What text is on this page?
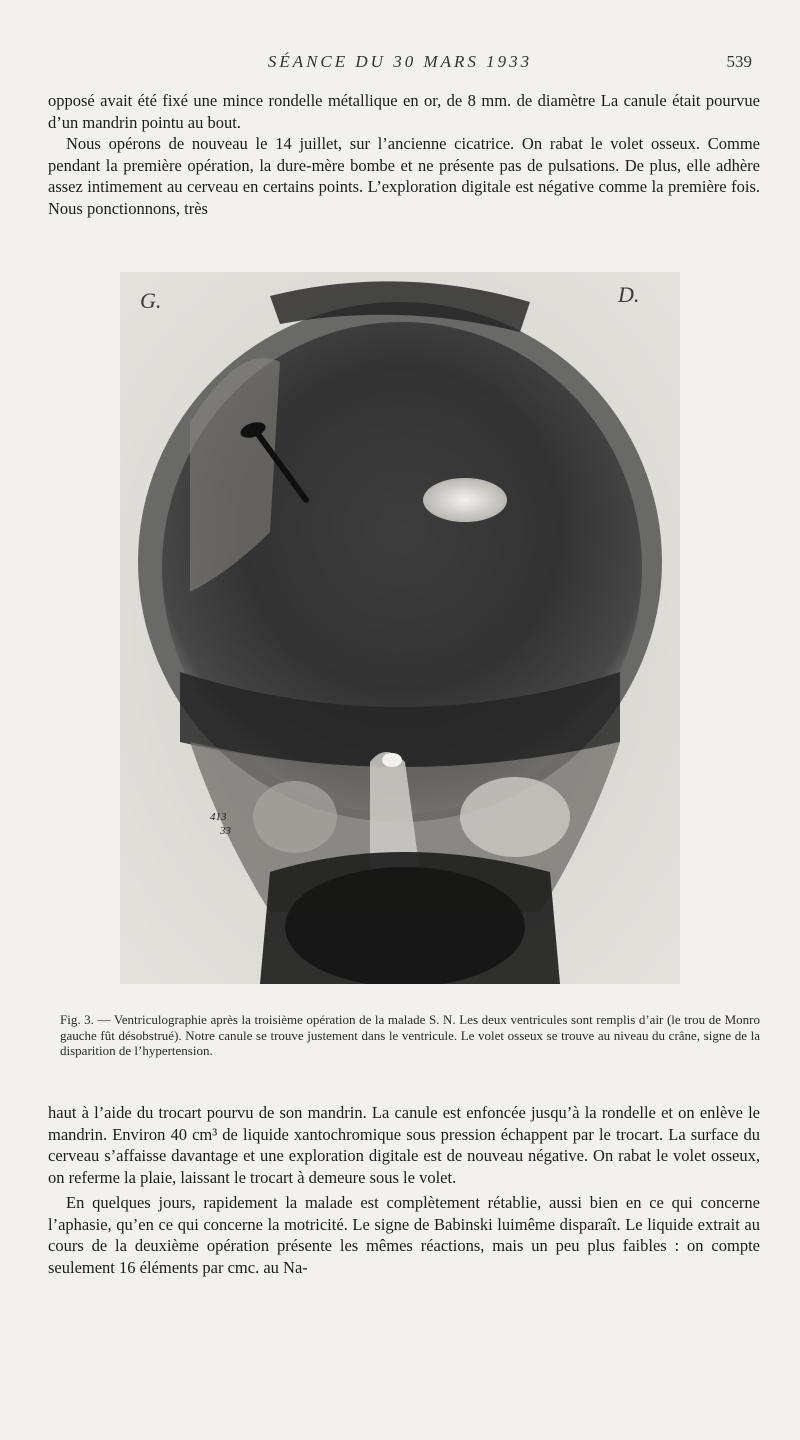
SÉANCE DU 30 MARS 1933	539

opposé avait été fixé une mince rondelle métallique en or, de 8 mm. de diamètre La canule était pourvue d’un mandrin pointu au bout.

Nous opérons de nouveau le 14 juillet, sur l’ancienne cicatrice. On rabat le volet osseux. Comme pendant la première opération, la dure-mère bombe et ne présente pas de pulsations. De plus, elle adhère assez intimement au cerveau en certains points. L’exploration digitale est négative comme la première fois. Nous ponctionnons, très

G.	D.
413
33
Fig. 3. — Ventriculographie après la troisième opération de la malade S. N. Les deux ventricules sont remplis d’air (le trou de Monro gauche fût désobstrué). Notre canule se trouve justement dans le ventricule. Le volet osseux se trouve au niveau du crâne, signe de la disparition de l’hypertension.

haut à l’aide du trocart pourvu de son mandrin. La canule est enfoncée jusqu’à la rondelle et on enlève le mandrin. Environ 40 cm³ de liquide xantochromique sous pression échappent par le trocart. La surface du cerveau s’affaisse davantage et une exploration digitale est de nouveau négative. On rabat le volet osseux, on referme la plaie, laissant le trocart à demeure sous le volet.

En quelques jours, rapidement la malade est complètement rétablie, aussi bien en ce qui concerne l’aphasie, qu’en ce qui concerne la motricité. Le signe de Babinski luimême disparaît. Le liquide extrait au cours de la deuxième opération présente les mêmes réactions, mais un peu plus faibles : on compte seulement 16 éléments par cmc. au Na-
